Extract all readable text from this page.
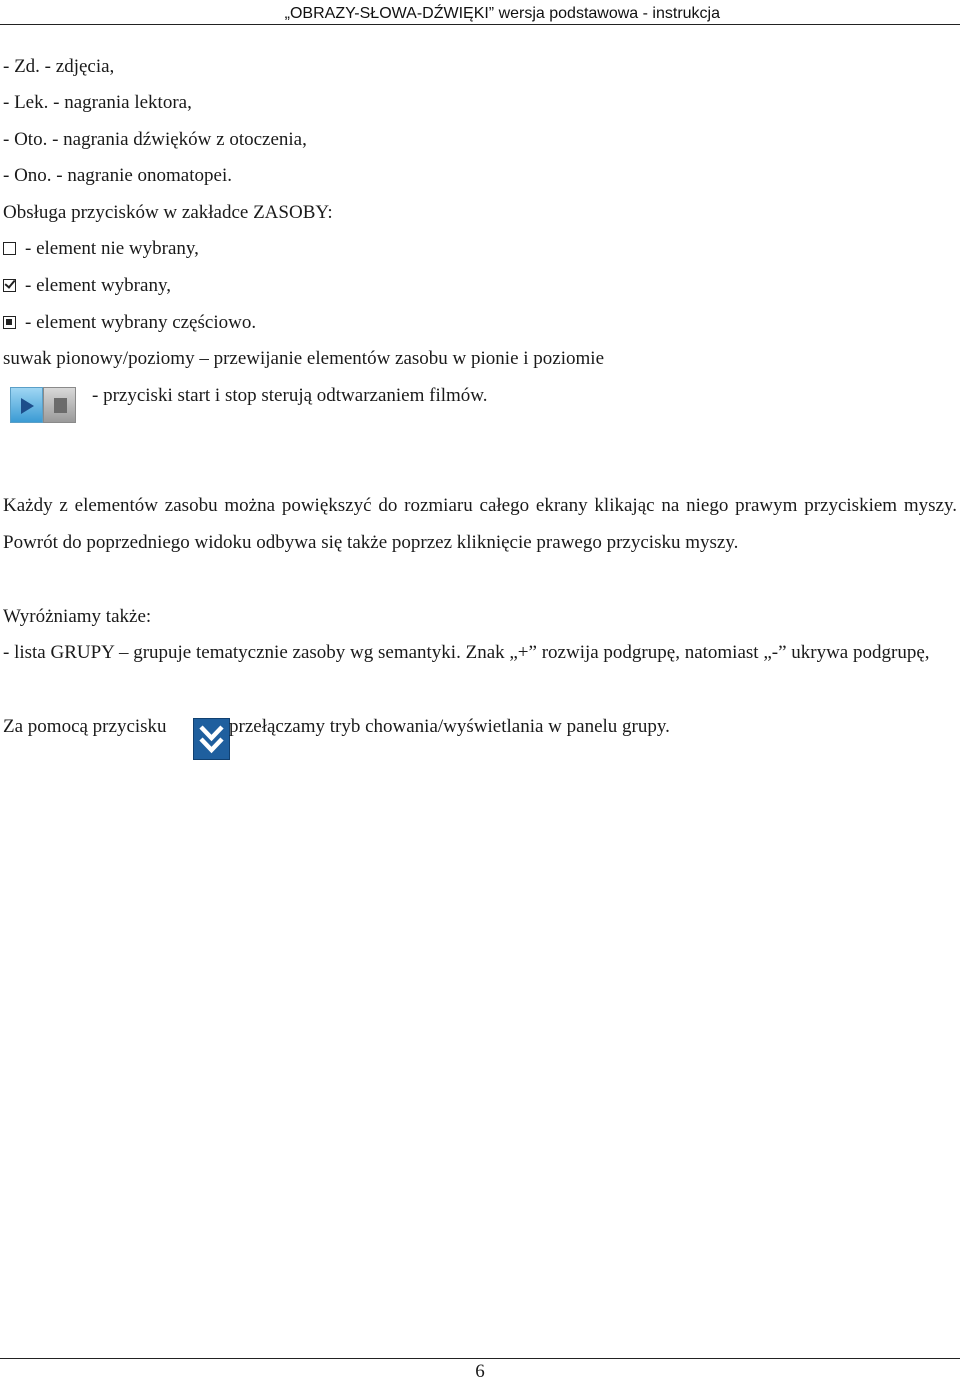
„OBRAZY-SŁOWA-DŹWIĘKI” wersja podstawowa - instrukcja
- Zd. - zdjęcia,
- Lek. - nagrania lektora,
- Oto. - nagrania dźwięków z otoczenia,
- Ono. - nagranie onomatopei.
Obsługa przycisków w zakładce ZASOBY:
- element nie wybrany,
- element wybrany,
- element wybrany częściowo.
suwak pionowy/poziomy – przewijanie elementów zasobu w pionie i poziomie
- przyciski start i stop sterują odtwarzaniem filmów.
Każdy z elementów zasobu można powiększyć do rozmiaru całego ekrany klikając na niego prawym przyciskiem myszy. Powrót do poprzedniego widoku odbywa się także poprzez kliknięcie prawego przycisku myszy.
Wyróżniamy także:
- lista GRUPY – grupuje tematycznie zasoby wg semantyki. Znak „+” rozwija podgrupę, natomiast „-” ukrywa podgrupę,
Za pomocą przycisku	przełączamy tryb chowania/wyświetlania w panelu grupy.
6
